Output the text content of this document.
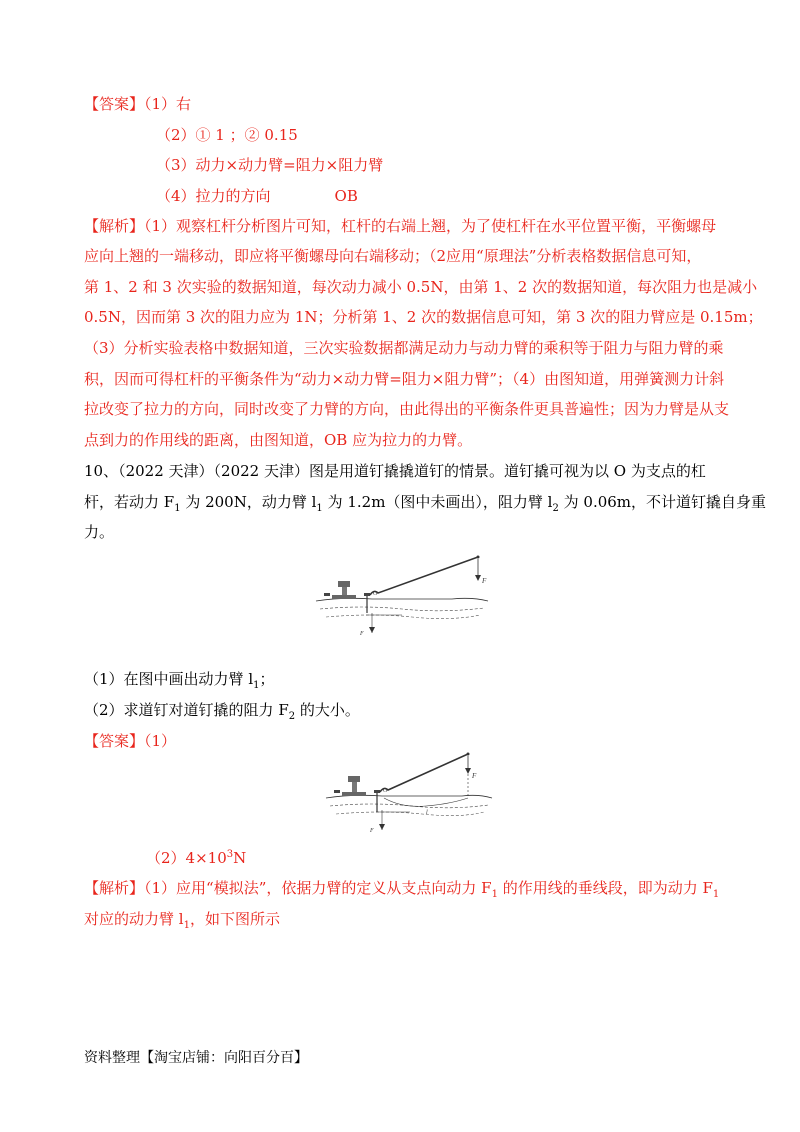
【答案】（1）右
（2）① 1 ；② 0.15
（3）动力×动力臂=阻力×阻力臂
（4）拉力的方向	OB
【解析】（1）观察杠杆分析图片可知，杠杆的右端上翘，为了使杠杆在水平位置平衡，平衡螺母
应向上翘的一端移动，即应将平衡螺母向右端移动；（2应用“原理法”分析表格数据信息可知，
第 1、2 和 3 次实验的数据知道，每次动力减小 0.5N，由第 1、2 次的数据知道，每次阻力也是减小
0.5N，因而第 3 次的阻力应为 1N；分析第 1、2 次的数据信息可知，第 3 次的阻力臂应是 0.15m；
（3）分析实验表格中数据知道，三次实验数据都满足动力与动力臂的乘积等于阻力与阻力臂的乘
积，因而可得杠杆的平衡条件为“动力×动力臂=阻力×阻力臂”；（4）由图知道，用弹簧测力计斜
拉改变了拉力的方向，同时改变了力臂的方向，由此得出的平衡条件更具普遍性；因为力臂是从支
点到力的作用线的距离，由图知道，OB 应为拉力的力臂。
10、（2022 天津）（2022 天津）图是用道钉撬撬道钉的情景。道钉撬可视为以 O 为支点的杠
杆，若动力 $F_1$ 为 200N，动力臂 $l_1$ 为 1.2m（图中未画出），阻力臂 $l_2$ 为 0.06m，不计道钉撬自身重
力。
F
O
F
（1）在图中画出动力臂 $l_1$；
（2）求道钉对道钉撬的阻力 $F_2$ 的大小。
【答案】（1）
F
l
O
F
$(2)4\times 10^3N$
【解析】（1）应用“模拟法”，依据力臂的定义从支点向动力 $F_1$ 的作用线的垂线段，即为动力 $F_1$
对应的动力臂 $l_1$，如下图所示
资料整理【淘宝店铺：向阳百分百】
